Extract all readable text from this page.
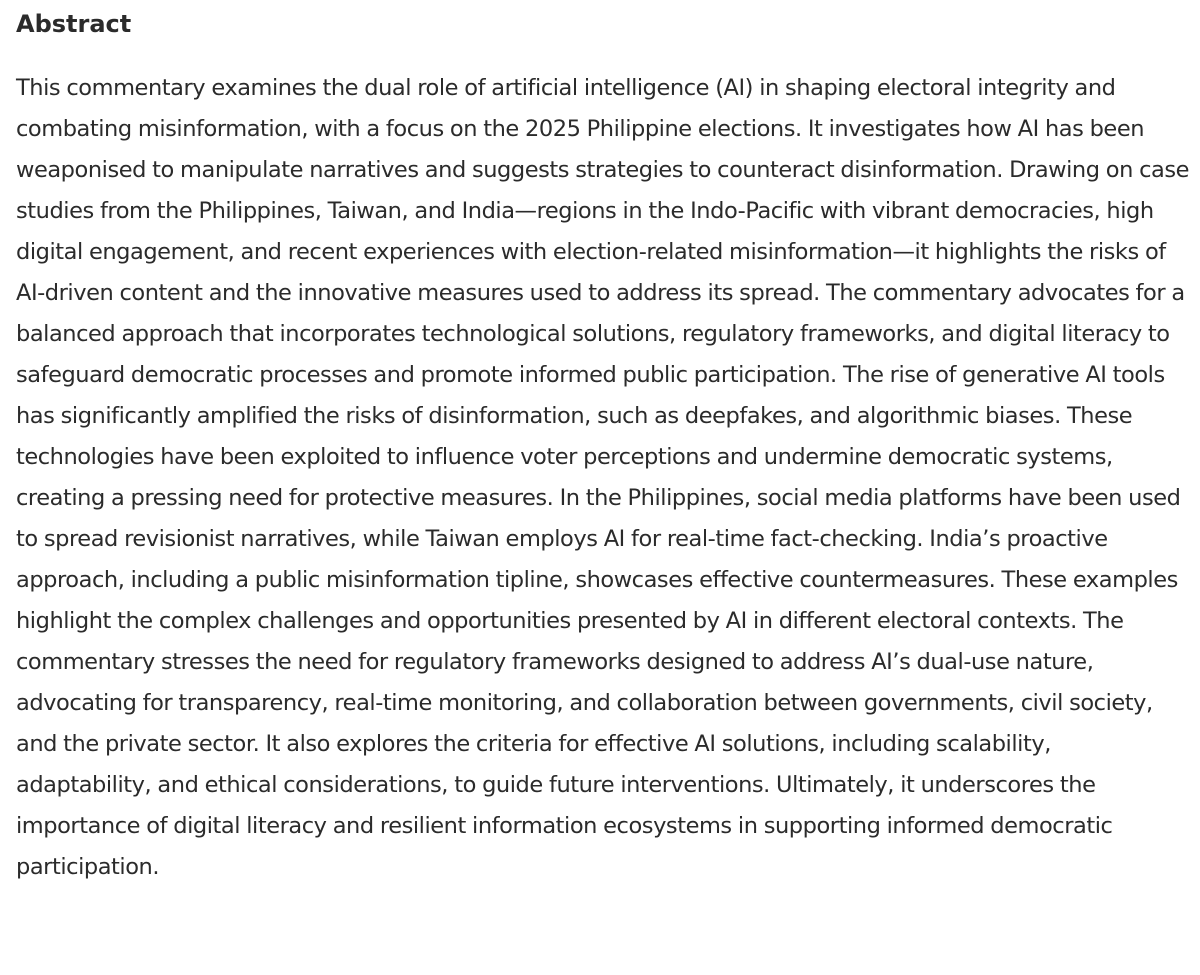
Abstract

This commentary examines the dual role of artificial intelligence (AI) in shaping electoral integrity and combating misinformation, with a focus on the 2025 Philippine elections. It investigates how AI has been weaponised to manipulate narratives and suggests strategies to counteract disinformation. Drawing on case studies from the Philippines, Taiwan, and India—regions in the Indo-Pacific with vibrant democracies, high digital engagement, and recent experiences with election-related misinformation—it highlights the risks of AI-driven content and the innovative measures used to address its spread. The commentary advocates for a balanced approach that incorporates technological solutions, regulatory frameworks, and digital literacy to safeguard democratic processes and promote informed public participation. The rise of generative AI tools has significantly amplified the risks of disinformation, such as deepfakes, and algorithmic biases. These technologies have been exploited to influence voter perceptions and undermine democratic systems, creating a pressing need for protective measures. In the Philippines, social media platforms have been used to spread revisionist narratives, while Taiwan employs AI for real-time fact-checking. India’s proactive approach, including a public misinformation tipline, showcases effective countermeasures. These examples highlight the complex challenges and opportunities presented by AI in different electoral contexts. The commentary stresses the need for regulatory frameworks designed to address AI’s dual-use nature, advocating for transparency, real-time monitoring, and collaboration between governments, civil society, and the private sector. It also explores the criteria for effective AI solutions, including scalability, adaptability, and ethical considerations, to guide future interventions. Ultimately, it underscores the importance of digital literacy and resilient information ecosystems in supporting informed democratic participation.
